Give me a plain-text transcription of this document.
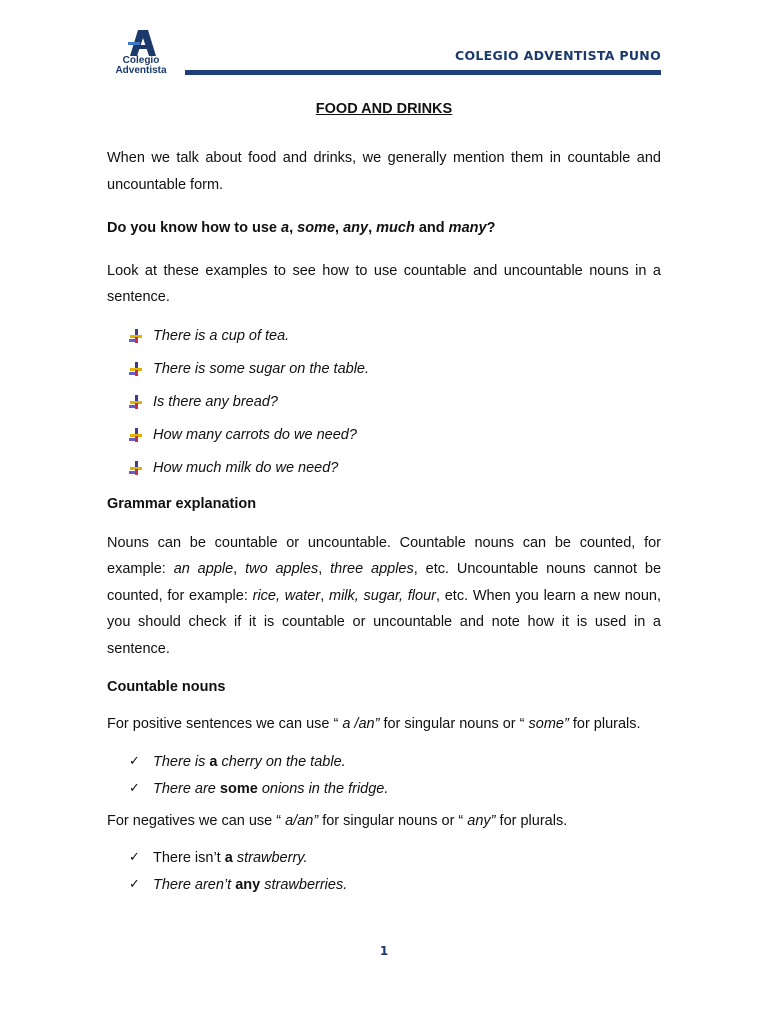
Colegio
Adventista
COLEGIO ADVENTISTA PUNO

FOOD AND DRINKS

When we talk about food and drinks, we generally mention them in countable and uncountable form.

Do you know how to use a, some, any, much and many?

Look at these examples to see how to use countable and uncountable nouns in a sentence.

There is a cup of tea.
There is some sugar on the table.
Is there any bread?
How many carrots do we need?
How much milk do we need?

Grammar explanation

Nouns can be countable or uncountable. Countable nouns can be counted, for example: an apple, two apples, three apples, etc. Uncountable nouns cannot be counted, for example: rice, water, milk, sugar, flour, etc. When you learn a new noun, you should check if it is countable or uncountable and note how it is used in a sentence.

Countable nouns

For positive sentences we can use “ a /an” for singular nouns or “ some” for plurals.

✓ There is a cherry on the table.
✓ There are some onions in the fridge.

For negatives we can use “ a/an” for singular nouns or “ any” for plurals.

✓ There isn’t a strawberry.
✓ There aren’t any strawberries.
1
